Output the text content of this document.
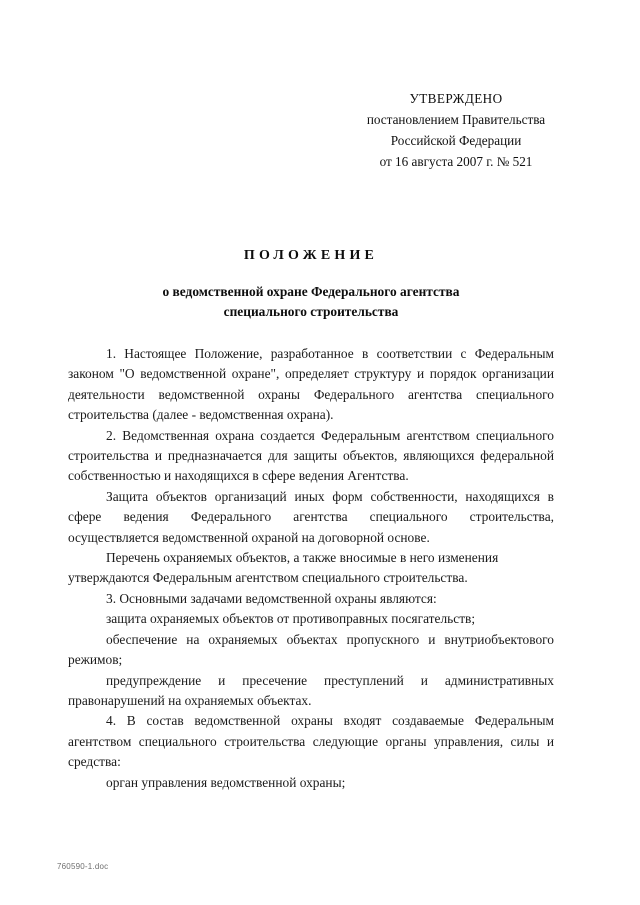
УТВЕРЖДЕНО
постановлением Правительства
Российской Федерации
от 16 августа 2007 г. № 521
ПОЛОЖЕНИЕ
о ведомственной охране Федерального агентства
специального строительства

1. Настоящее Положение, разработанное в соответствии с Федеральным законом "О ведомственной охране", определяет структуру и порядок организации деятельности ведомственной охраны Федерального агентства специального строительства (далее - ведомственная охрана).

2. Ведомственная охрана создается Федеральным агентством специального строительства и предназначается для защиты объектов, являющихся федеральной собственностью и находящихся в сфере ведения Агентства.

Защита объектов организаций иных форм собственности, находящихся в сфере ведения Федерального агентства специального строительства, осуществляется ведомственной охраной на договорной основе.

Перечень охраняемых объектов, а также вносимые в него изменения утверждаются Федеральным агентством специального строительства.

3. Основными задачами ведомственной охраны являются:

защита охраняемых объектов от противоправных посягательств;

обеспечение на охраняемых объектах пропускного и внутриобъектового режимов;

предупреждение и пресечение преступлений и административных правонарушений на охраняемых объектах.

4. В состав ведомственной охраны входят создаваемые Федеральным агентством специального строительства следующие органы управления, силы и средства:

орган управления ведомственной охраны;

760590-1.doc
